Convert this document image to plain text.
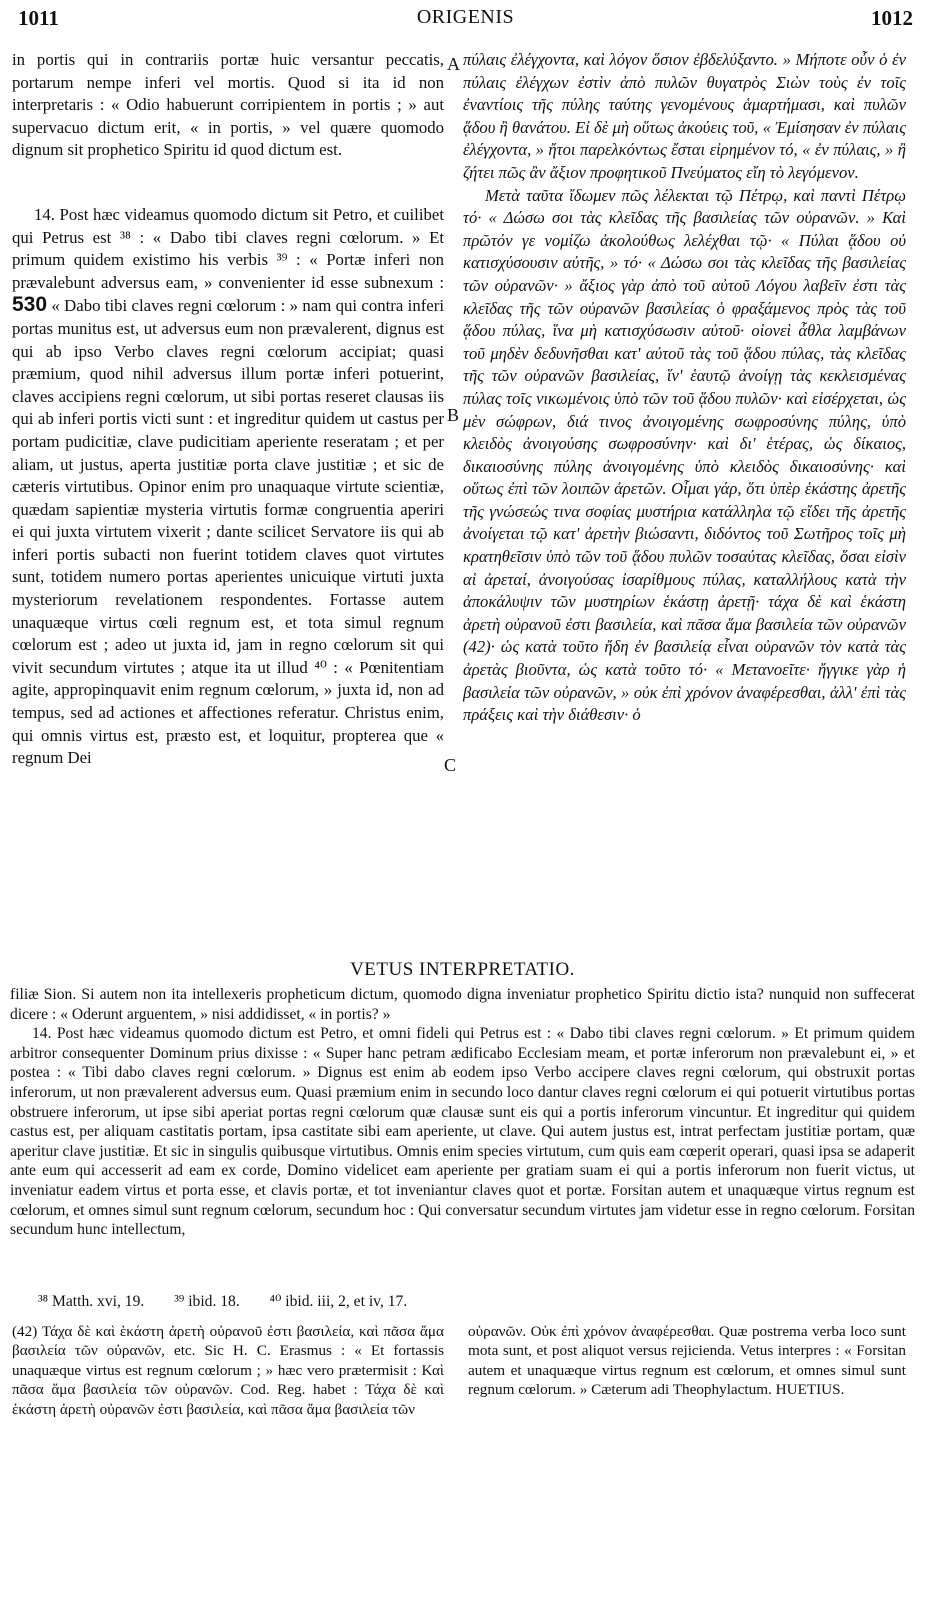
1011	ORIGENIS	1012

in portis qui in contrariis portæ huic versantur peccatis, portarum nempe inferi vel mortis. Quod si ita id non interpretaris : « Odio habuerunt corripientem in portis ; » aut supervacuo dictum erit, « in portis, » vel quære quomodo dignum sit prophetico Spiritu id quod dictum est.

14. Post hæc videamus quomodo dictum sit Petro, et cuilibet qui Petrus est ³⁸ : « Dabo tibi claves regni cœlorum. » Et primum quidem existimo his verbis ³⁹ : « Portæ inferi non prævalebunt adversus eam, » convenienter id esse subnexum : 530 « Dabo tibi claves regni cœlorum : » nam qui contra inferi portas munitus est, ut adversus eum non prævalerent, dignus est qui ab ipso Verbo claves regni cœlorum accipiat; quasi præmium, quod nihil adversus illum portæ inferi potuerint, claves accipiens regni cœlorum, ut sibi portas reseret clausas iis qui ab inferi portis victi sunt : et ingreditur quidem ut castus per portam pudicitiæ, clave pudicitiam aperiente reseratam ; et per aliam, ut justus, aperta justitiæ porta clave justitiæ ; et sic de cæteris virtutibus. Opinor enim pro unaquaque virtute scientiæ, quædam sapientiæ mysteria virtutis formæ congruentia aperiri ei qui juxta virtutem vixerit ; dante scilicet Servatore iis qui ab inferi portis subacti non fuerint totidem claves quot virtutes sunt, totidem numero portas aperientes unicuique virtuti juxta mysteriorum revelationem respondentes. Fortasse autem unaquæque virtus cœli regnum est, et tota simul regnum cœlorum est ; adeo ut juxta id, jam in regno cœlorum sit qui vivit secundum virtutes ; atque ita ut illud ⁴⁰ : « Pœnitentiam agite, appropinquavit enim regnum cœlorum, » juxta id, non ad tempus, sed ad actiones et affectiones referatur. Christus enim, qui omnis virtus est, præsto est, et loquitur, propterea que « regnum Dei

A
B
C

πύλαις ἐλέγχοντα, καὶ λόγον ὅσιον ἐβδελύξαντο. » Μήποτε οὖν ὁ ἐν πύλαις ἐλέγχων ἐστὶν ἀπὸ πυλῶν θυγατρὸς Σιὼν τοὺς ἐν τοῖς ἐναντίοις τῆς πύλης ταύτης γενομένους ἁμαρτήμασι, καὶ πυλῶν ᾅδου ἢ θανάτου. Εἰ δὲ μὴ οὕτως ἀκούεις τοῦ, « Ἐμίσησαν ἐν πύλαις ἐλέγχοντα, » ἤτοι παρελκόντως ἔσται εἰρημένον τό, « ἐν πύλαις, » ἢ ζήτει πῶς ἂν ἄξιον προφητικοῦ Πνεύματος εἴη τὸ λεγόμενον.

Μετὰ ταῦτα ἴδωμεν πῶς λέλεκται τῷ Πέτρῳ, καὶ παντὶ Πέτρῳ τό· « Δώσω σοι τὰς κλεῖδας τῆς βασιλείας τῶν οὐρανῶν. » Καὶ πρῶτόν γε νομίζω ἀκολούθως λελέχθαι τῷ· « Πύλαι ᾅδου οὐ κατισχύσουσιν αὐτῆς, » τό· « Δώσω σοι τὰς κλεῖδας τῆς βασιλείας τῶν οὐρανῶν· » ἄξιος γὰρ ἀπὸ τοῦ αὐτοῦ Λόγου λαβεῖν ἐστι τὰς κλεῖδας τῆς τῶν οὐρανῶν βασιλείας ὁ φραξάμενος πρὸς τὰς τοῦ ᾅδου πύλας, ἵνα μὴ κατισχύσωσιν αὐτοῦ· οἱονεὶ ἆθλα λαμβάνων τοῦ μηδὲν δεδυνῆσθαι κατ' αὐτοῦ τὰς τοῦ ᾅδου πύλας, τὰς κλεῖδας τῆς τῶν οὐρανῶν βασιλείας, ἵν' ἑαυτῷ ἀνοίγῃ τὰς κεκλεισμένας πύλας τοῖς νικωμένοις ὑπὸ τῶν τοῦ ᾅδου πυλῶν· καὶ εἰσέρχεται, ὡς μὲν σώφρων, διά τινος ἀνοιγομένης σωφροσύνης πύλης, ὑπὸ κλειδὸς ἀνοιγούσης σωφροσύνην· καὶ δι' ἑτέρας, ὡς δίκαιος, δικαιοσύνης πύλης ἀνοιγομένης ὑπὸ κλειδὸς δικαιοσύνης· καὶ οὕτως ἐπὶ τῶν λοιπῶν ἀρετῶν. Οἶμαι γάρ, ὅτι ὑπὲρ ἑκάστης ἀρετῆς τῆς γνώσεώς τινα σοφίας μυστήρια κατάλληλα τῷ εἴδει τῆς ἀρετῆς ἀνοίγεται τῷ κατ' ἀρετὴν βιώσαντι, διδόντος τοῦ Σωτῆρος τοῖς μὴ κρατηθεῖσιν ὑπὸ τῶν τοῦ ᾅδου πυλῶν τοσαύτας κλεῖδας, ὅσαι εἰσὶν αἱ ἀρεταί, ἀνοιγούσας ἰσαρίθμους πύλας, καταλλήλους κατὰ τὴν ἀποκάλυψιν τῶν μυστηρίων ἑκάστῃ ἀρετῇ· τάχα δὲ καὶ ἑκάστη ἀρετὴ οὐρανοῦ ἐστι βασιλεία, καὶ πᾶσα ἅμα βασιλεία τῶν οὐρανῶν (42)· ὡς κατὰ τοῦτο ἤδη ἐν βασιλείᾳ εἶναι οὐρανῶν τὸν κατὰ τὰς ἀρετὰς βιοῦντα, ὡς κατὰ τοῦτο τό· « Μετανοεῖτε· ἤγγικε γὰρ ἡ βασιλεία τῶν οὐρανῶν, » οὐκ ἐπὶ χρόνον ἀναφέρεσθαι, ἀλλ' ἐπὶ τὰς πράξεις καὶ τὴν διάθεσιν· ὁ

VETUS INTERPRETATIO.

filiæ Sion. Si autem non ita intellexeris propheticum dictum, quomodo digna inveniatur prophetico Spiritu dictio ista? nunquid non suffecerat dicere : « Oderunt arguentem, » nisi addidisset, « in portis? »

14. Post hæc videamus quomodo dictum est Petro, et omni fideli qui Petrus est : « Dabo tibi claves regni cœlorum. » Et primum quidem arbitror consequenter Dominum prius dixisse : « Super hanc petram ædificabo Ecclesiam meam, et portæ inferorum non prævalebunt ei, » et postea : « Tibi dabo claves regni cœlorum. » Dignus est enim ab eodem ipso Verbo accipere claves regni cœlorum, qui obstruxit portas inferorum, ut non prævalerent adversus eum. Quasi præmium enim in secundo loco dantur claves regni cœlorum ei qui potuerit virtutibus portas obstruere inferorum, ut ipse sibi aperiat portas regni cœlorum quæ clausæ sunt eis qui a portis inferorum vincuntur. Et ingreditur qui quidem castus est, per aliquam castitatis portam, ipsa castitate sibi eam aperiente, ut clave. Qui autem justus est, intrat perfectam justitiæ portam, quæ aperitur clave justitiæ. Et sic in singulis quibusque virtutibus. Omnis enim species virtutum, cum quis eam cœperit operari, quasi ipsa se adaperit ante eum qui accesserit ad eam ex corde, Domino videlicet eam aperiente per gratiam suam ei qui a portis inferorum non fuerit victus, ut inveniatur eadem virtus et porta esse, et clavis portæ, et tot inveniantur claves quot et portæ. Forsitan autem et unaquæque virtus regnum est cœlorum, et omnes simul sunt regnum cœlorum, secundum hoc : Qui conversatur secundum virtutes jam videtur esse in regno cœlorum. Forsitan secundum hunc intellectum,

³⁸ Matth. xvi, 19. ³⁹ ibid. 18. ⁴⁰ ibid. iii, 2, et iv, 17.
(42) Τάχα δὲ καὶ ἑκάστη ἀρετὴ οὐρανοῦ ἐστι βασιλεία, καὶ πᾶσα ἅμα βασιλεία τῶν οὐρανῶν, etc. Sic H. C. Erasmus : « Et fortassis unaquæque virtus est regnum cœlorum ; » hæc vero prætermisit : Καὶ πᾶσα ἅμα βασιλεία τῶν οὐρανῶν. Cod. Reg. habet : Τάχα δὲ καὶ ἑκάστη ἀρετὴ οὐρανῶν ἐστι βασιλεία, καὶ πᾶσα ἅμα βασιλεία τῶν
οὐρανῶν. Οὐκ ἐπὶ χρόνον ἀναφέρεσθαι. Quæ postrema verba loco sunt mota sunt, et post aliquot versus rejicienda. Vetus interpres : « Forsitan autem et unaquæque virtus regnum est cœlorum, et omnes simul sunt regnum cœlorum. » Cæterum adi Theophylactum. HUETIUS.
